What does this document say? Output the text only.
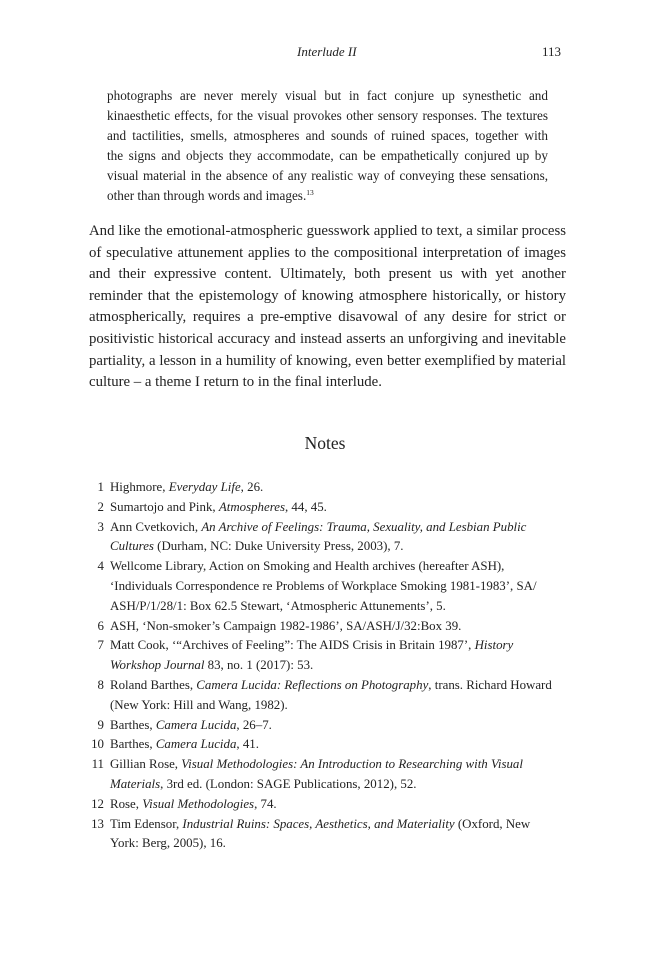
Interlude II	113

photographs are never merely visual but in fact conjure up synesthetic and
kinaesthetic effects, for the visual provokes other sensory responses. The textures
and tactilities, smells, atmospheres and sounds of ruined spaces, together with
the signs and objects they accommodate, can be empathetically conjured up by
visual material in the absence of any realistic way of conveying these sensations,
other than through words and images.$^{13}$

And like the emotional-atmospheric guesswork applied to text, a similar process
of speculative attunement applies to the compositional interpretation of images
and their expressive content. Ultimately, both present us with yet another
reminder that the epistemology of knowing atmosphere historically, or history
atmospherically, requires a pre-emptive disavowal of any desire for strict or
positivistic historical accuracy and instead asserts an unforgiving and inevitable
partiality, a lesson in a humility of knowing, even better exemplified by material
culture – a theme I return to in the final interlude.

Notes
1 Highmore, Everyday Life, 26.
2 Sumartojo and Pink, Atmospheres, 44, 45.
3 Ann Cvetkovich, An Archive of Feelings: Trauma, Sexuality, and Lesbian Public
Cultures (Durham, NC: Duke University Press, 2003), 7.
4 Wellcome Library, Action on Smoking and Health archives (hereafter ASH),
‘Individuals Correspondence re Problems of Workplace Smoking 1981-1983’, SA/
ASH/P/1/28/1: Box 62.5 Stewart, ‘Atmospheric Attunements’, 5.
6 ASH, ‘Non-smoker’s Campaign 1982-1986’, SA/ASH/J/32:Box 39.
7 Matt Cook, ‘“Archives of Feeling”: The AIDS Crisis in Britain 1987’, History
Workshop Journal 83, no. 1 (2017): 53.
8 Roland Barthes, Camera Lucida: Reflections on Photography, trans. Richard Howard
(New York: Hill and Wang, 1982).
9 Barthes, Camera Lucida, 26–7.
10 Barthes, Camera Lucida, 41.
11 Gillian Rose, Visual Methodologies: An Introduction to Researching with Visual
Materials, 3rd ed. (London: SAGE Publications, 2012), 52.
12 Rose, Visual Methodologies, 74.
13 Tim Edensor, Industrial Ruins: Spaces, Aesthetics, and Materiality (Oxford, New
York: Berg, 2005), 16.
